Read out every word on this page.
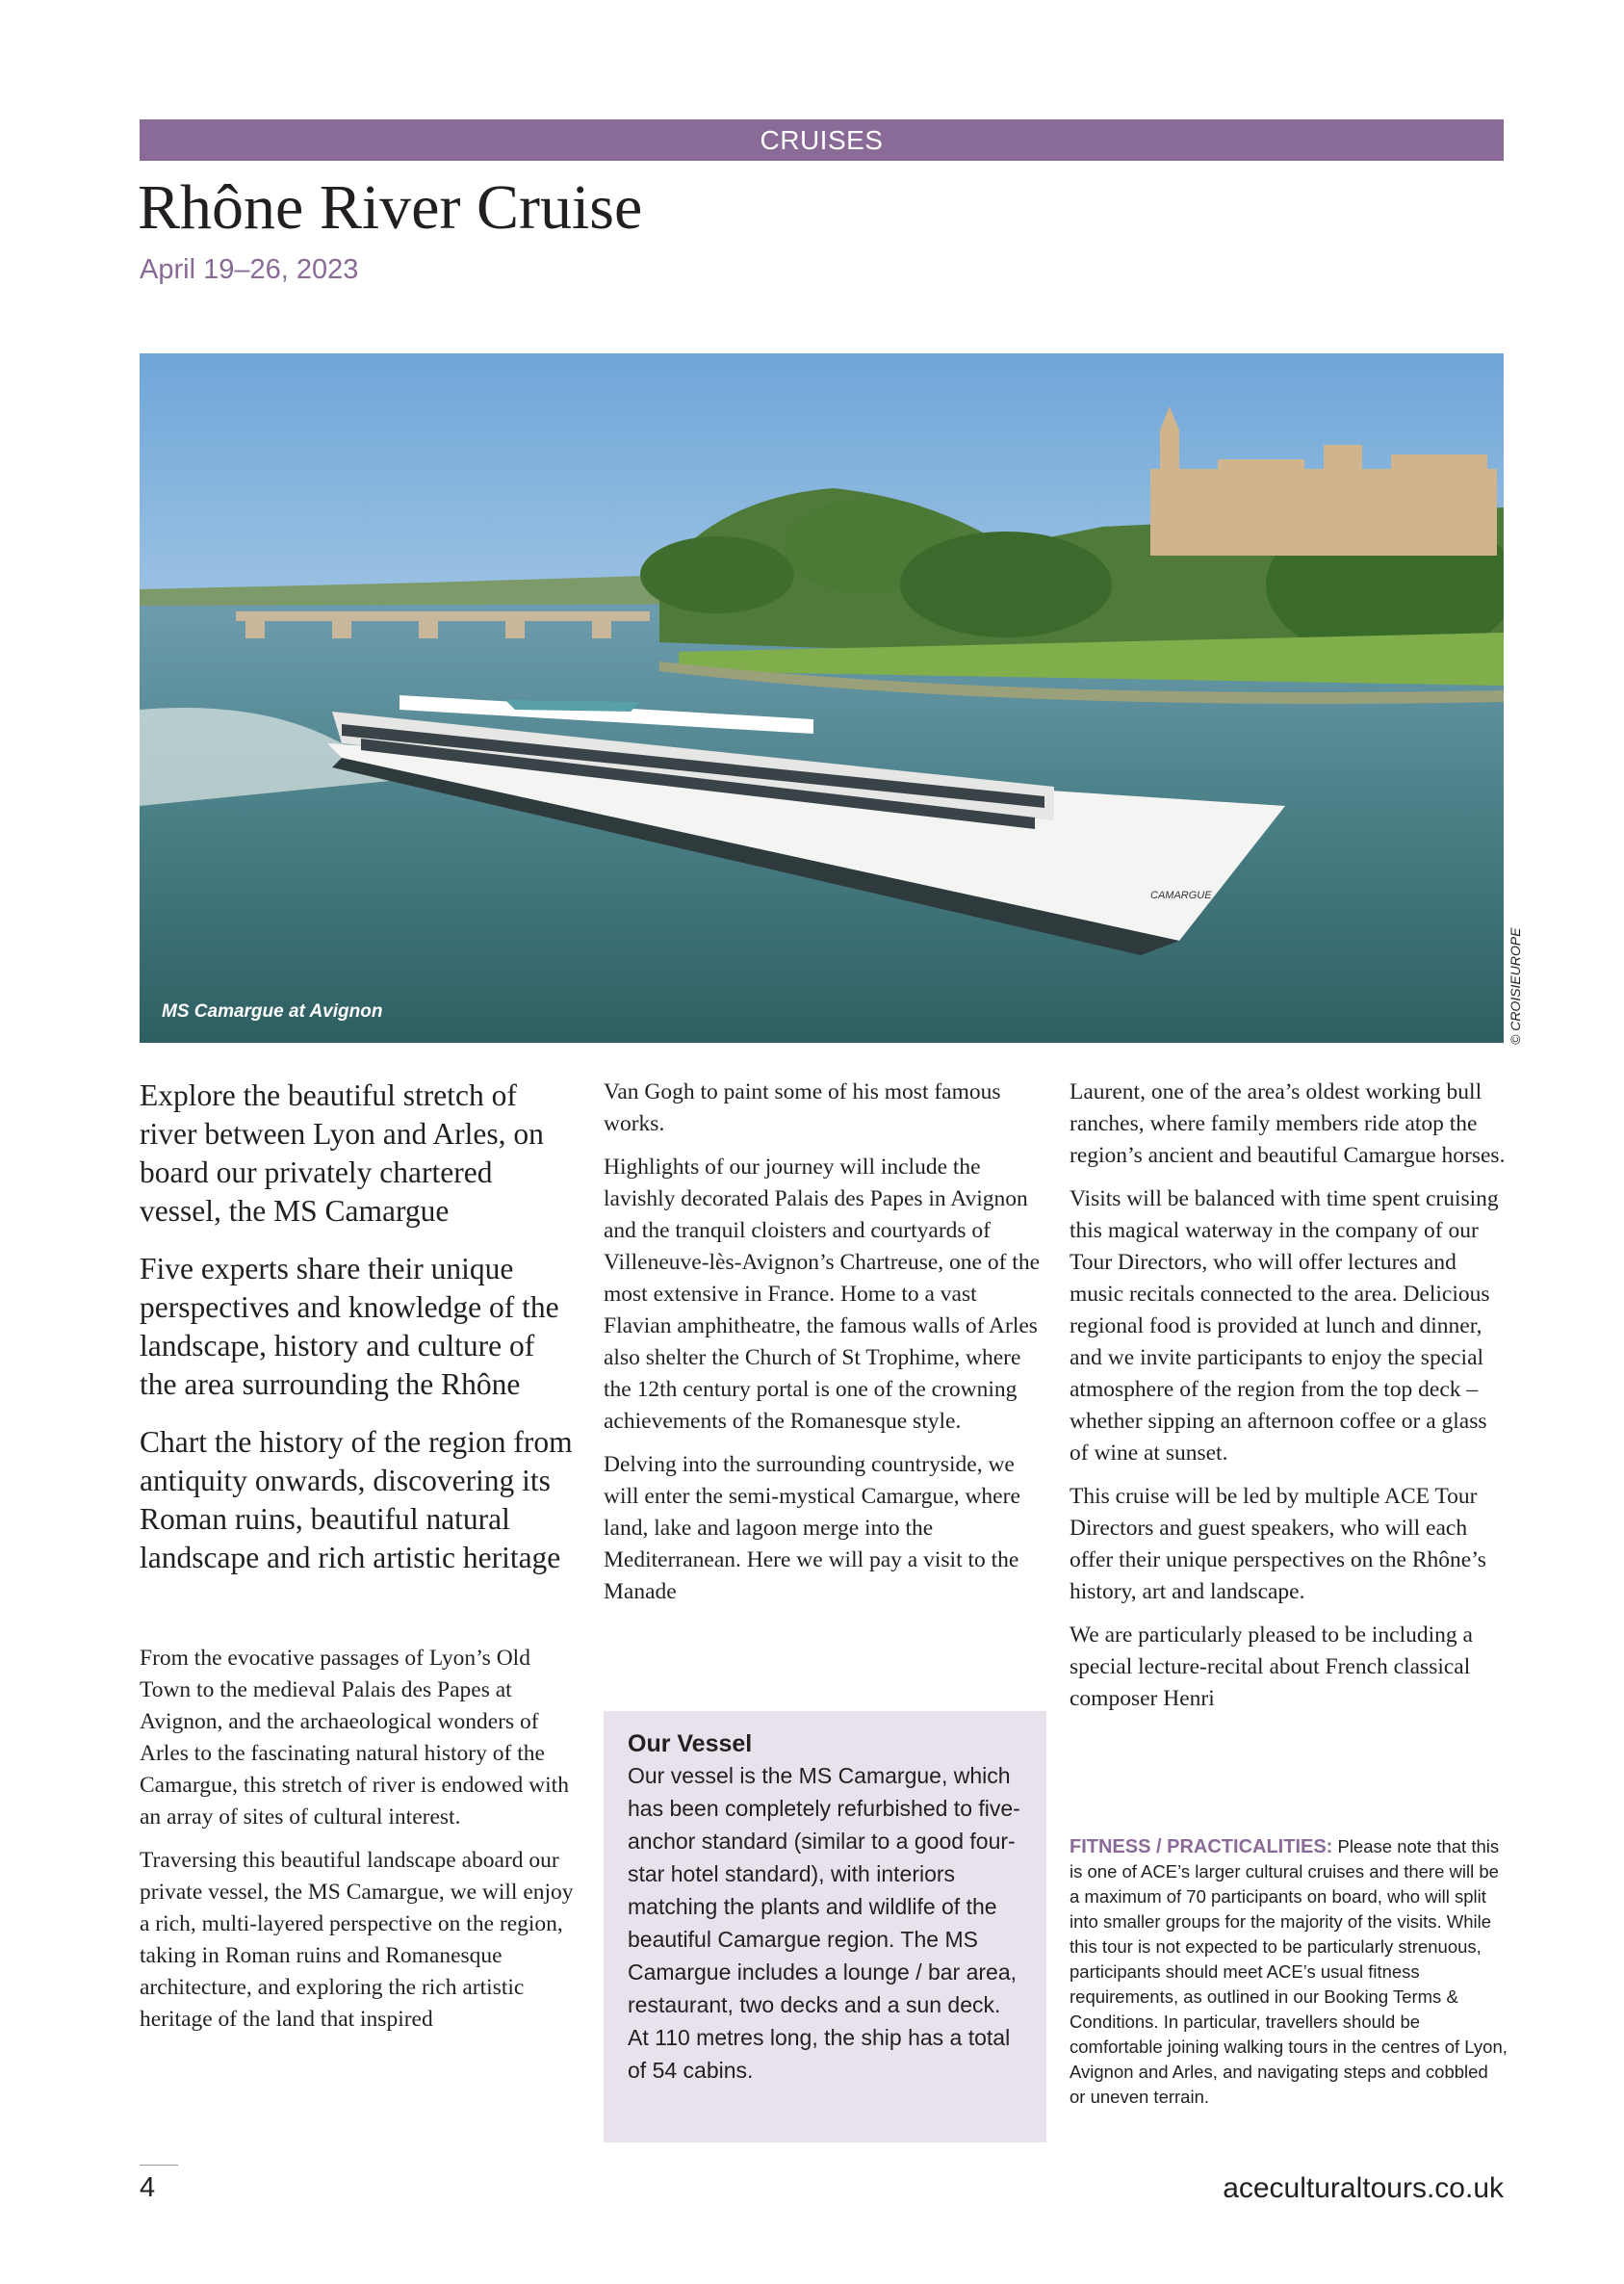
CRUISES
Rhône River Cruise
April 19–26, 2023
CAMARGUE
MS Camargue at Avignon	© CROISIEUROPE

Explore the beautiful stretch of river between Lyon and Arles, on board our privately chartered vessel, the MS Camargue

Five experts share their unique perspectives and knowledge of the landscape, history and culture of the area surrounding the Rhône

Chart the history of the region from antiquity onwards, discovering its Roman ruins, beautiful natural landscape and rich artistic heritage

From the evocative passages of Lyon’s Old Town to the medieval Palais des Papes at Avignon, and the archaeological wonders of Arles to the fascinating natural history of the Camargue, this stretch of river is endowed with an array of sites of cultural interest.

Traversing this beautiful landscape aboard our private vessel, the MS Camargue, we will enjoy a rich, multi-layered perspective on the region, taking in Roman ruins and Romanesque architecture, and exploring the rich artistic heritage of the land that inspired

Van Gogh to paint some of his most famous works.

Highlights of our journey will include the lavishly decorated Palais des Papes in Avignon and the tranquil cloisters and courtyards of Villeneuve-lès-Avignon’s Chartreuse, one of the most extensive in France. Home to a vast Flavian amphitheatre, the famous walls of Arles also shelter the Church of St Trophime, where the 12th century portal is one of the crowning achievements of the Romanesque style.

Delving into the surrounding countryside, we will enter the semi-mystical Camargue, where land, lake and lagoon merge into the Mediterranean. Here we will pay a visit to the Manade

Our Vessel

Our vessel is the MS Camargue, which has been completely refurbished to five-anchor standard (similar to a good four-star hotel standard), with interiors matching the plants and wildlife of the beautiful Camargue region. The MS Camargue includes a lounge / bar area, restaurant, two decks and a sun deck. At 110 metres long, the ship has a total of 54 cabins.

Laurent, one of the area’s oldest working bull ranches, where family members ride atop the region’s ancient and beautiful Camargue horses.

Visits will be balanced with time spent cruising this magical waterway in the company of our Tour Directors, who will offer lectures and music recitals connected to the area. Delicious regional food is provided at lunch and dinner, and we invite participants to enjoy the special atmosphere of the region from the top deck – whether sipping an afternoon coffee or a glass of wine at sunset.

This cruise will be led by multiple ACE Tour Directors and guest speakers, who will each offer their unique perspectives on the Rhône’s history, art and landscape.

We are particularly pleased to be including a special lecture-recital about French classical composer Henri

FITNESS / PRACTICALITIES: Please note that this is one of ACE’s larger cultural cruises and there will be a maximum of 70 participants on board, who will split into smaller groups for the majority of the visits. While this tour is not expected to be particularly strenuous, participants should meet ACE’s usual fitness requirements, as outlined in our Booking Terms & Conditions. In particular, travellers should be comfortable joining walking tours in the centres of Lyon, Avignon and Arles, and navigating steps and cobbled or uneven terrain.

4	aceculturaltours.co.uk
